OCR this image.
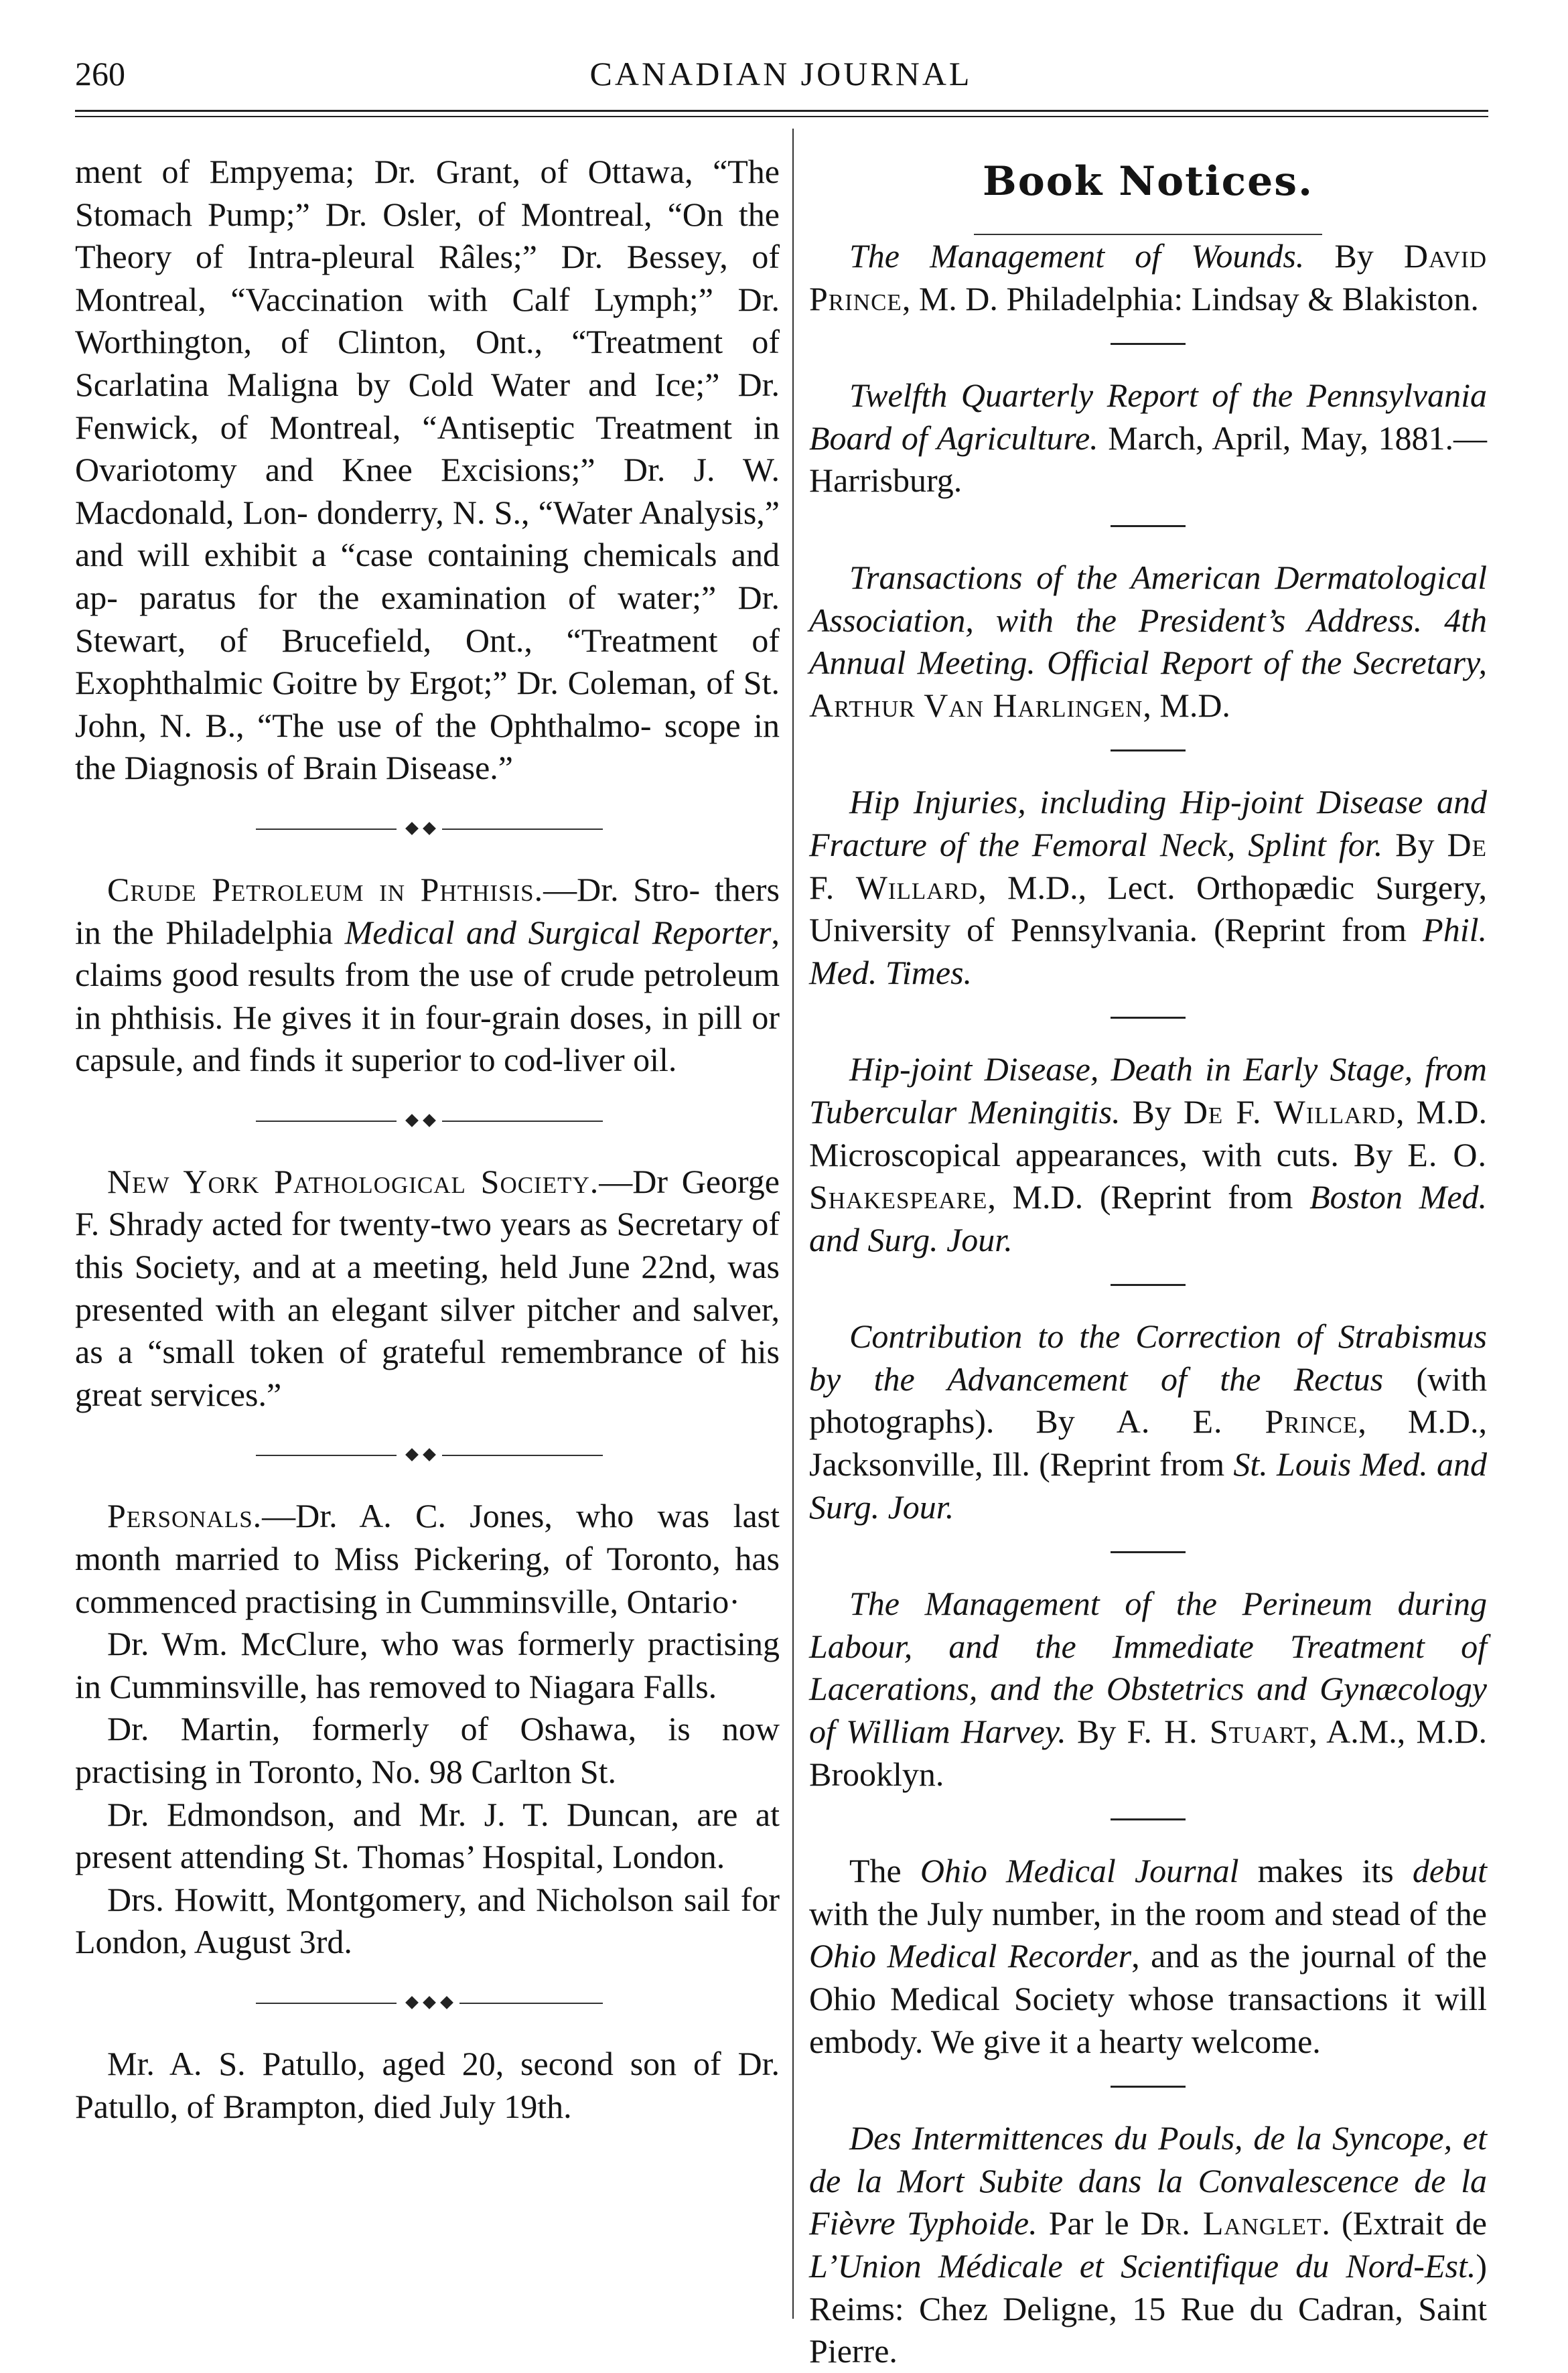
260	CANADIAN JOURNAL

ment of Empyema; Dr. Grant, of Ottawa, “The Stomach Pump;” Dr. Osler, of Montreal, “On the Theory of Intra-pleural Râles;” Dr. Bessey, of Montreal, “Vaccination with Calf Lymph;” Dr. Worthington, of Clinton, Ont., “Treatment of Scarlatina Maligna by Cold Water and Ice;” Dr. Fenwick, of Montreal, “Antiseptic Treatment in Ovariotomy and Knee Excisions;” Dr. J. W. Macdonald, Lon- donderry, N. S., “Water Analysis,” and will exhibit a “case containing chemicals and ap- paratus for the examination of water;” Dr. Stewart, of Brucefield, Ont., “Treatment of Exophthalmic Goitre by Ergot;” Dr. Coleman, of St. John, N. B., “The use of the Ophthalmo- scope in the Diagnosis of Brain Disease.”

Crude Petroleum in Phthisis.—Dr. Stro- thers in the Philadelphia Medical and Surgical Reporter, claims good results from the use of crude petroleum in phthisis. He gives it in four-grain doses, in pill or capsule, and finds it superior to cod-liver oil.

New York Pathological Society.—Dr George F. Shrady acted for twenty-two years as Secretary of this Society, and at a meeting, held June 22nd, was presented with an elegant silver pitcher and salver, as a “small token of grateful remembrance of his great services.”

Personals.—Dr. A. C. Jones, who was last month married to Miss Pickering, of Toronto, has commenced practising in Cumminsville, Ontario·

Dr. Wm. McClure, who was formerly practising in Cumminsville, has removed to Niagara Falls.

Dr. Martin, formerly of Oshawa, is now practising in Toronto, No. 98 Carlton St.

Dr. Edmondson, and Mr. J. T. Duncan, are at present attending St. Thomas’ Hospital, London.

Drs. Howitt, Montgomery, and Nicholson sail for London, August 3rd.

Mr. A. S. Patullo, aged 20, second son of Dr. Patullo, of Brampton, died July 19th.

Book Notices.

The Management of Wounds. By David Prince, M. D. Philadelphia: Lindsay & Blakiston.

Twelfth Quarterly Report of the Pennsylvania Board of Agriculture. March, April, May, 1881.—Harrisburg.

Transactions of the American Dermatological Association, with the President’s Address. 4th Annual Meeting. Official Report of the Secretary, Arthur Van Harlingen, M.D.

Hip Injuries, including Hip-joint Disease and Fracture of the Femoral Neck, Splint for. By De F. Willard, M.D., Lect. Orthopædic Surgery, University of Pennsylvania. (Reprint from Phil. Med. Times.

Hip-joint Disease, Death in Early Stage, from Tubercular Meningitis. By De F. Willard, M.D. Microscopical appearances, with cuts. By E. O. Shakespeare, M.D. (Reprint from Boston Med. and Surg. Jour.

Contribution to the Correction of Strabismus by the Advancement of the Rectus (with photographs). By A. E. Prince, M.D., Jacksonville, Ill. (Reprint from St. Louis Med. and Surg. Jour.

The Management of the Perineum during Labour, and the Immediate Treatment of Lacerations, and the Obstetrics and Gynæcology of William Harvey. By F. H. Stuart, A.M., M.D. Brooklyn.

The Ohio Medical Journal makes its debut with the July number, in the room and stead of the Ohio Medical Recorder, and as the journal of the Ohio Medical Society whose transactions it will embody. We give it a hearty welcome.

Des Intermittences du Pouls, de la Syncope, et de la Mort Subite dans la Convalescence de la Fièvre Typhoide. Par le Dr. Langlet. (Extrait de L’Union Médicale et Scientifique du Nord-Est.) Reims: Chez Deligne, 15 Rue du Cadran, Saint Pierre.
